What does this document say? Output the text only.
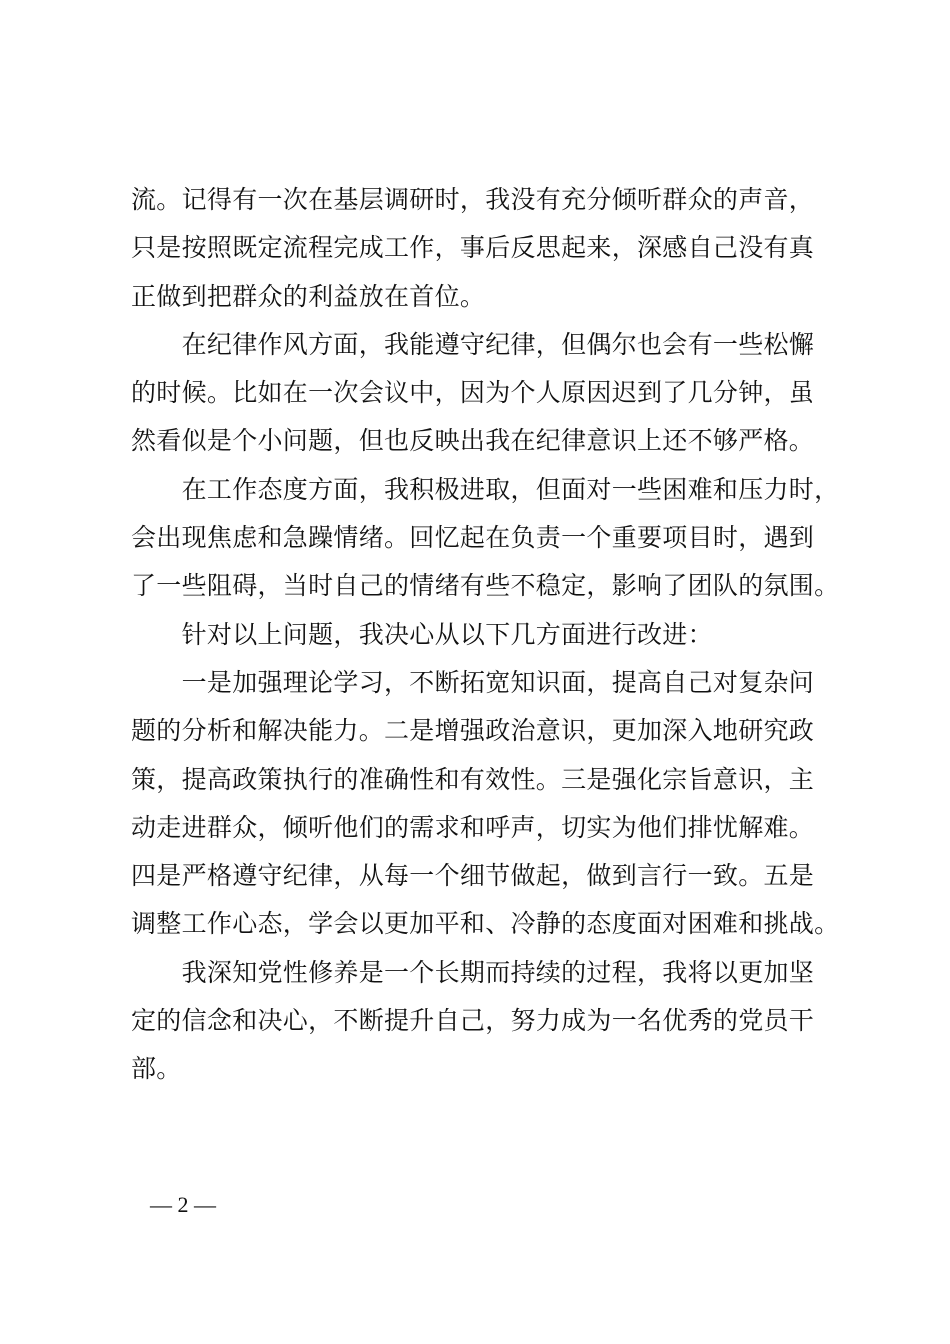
流。记得有一次在基层调研时，我没有充分倾听群众的声音，
只是按照既定流程完成工作，事后反思起来，深感自己没有真
正做到把群众的利益放在首位。
　　在纪律作风方面，我能遵守纪律，但偶尔也会有一些松懈
的时候。比如在一次会议中，因为个人原因迟到了几分钟，虽
然看似是个小问题，但也反映出我在纪律意识上还不够严格。
　　在工作态度方面，我积极进取，但面对一些困难和压力时，
会出现焦虑和急躁情绪。回忆起在负责一个重要项目时，遇到
了一些阻碍，当时自己的情绪有些不稳定，影响了团队的氛围。
　　针对以上问题，我决心从以下几方面进行改进：
　　一是加强理论学习，不断拓宽知识面，提高自己对复杂问
题的分析和解决能力。二是增强政治意识，更加深入地研究政
策，提高政策执行的准确性和有效性。三是强化宗旨意识，主
动走进群众，倾听他们的需求和呼声，切实为他们排忧解难。
四是严格遵守纪律，从每一个细节做起，做到言行一致。五是
调整工作心态，学会以更加平和、冷静的态度面对困难和挑战。
　　我深知党性修养是一个长期而持续的过程，我将以更加坚
定的信念和决心，不断提升自己，努力成为一名优秀的党员干
部。
— 2 —
